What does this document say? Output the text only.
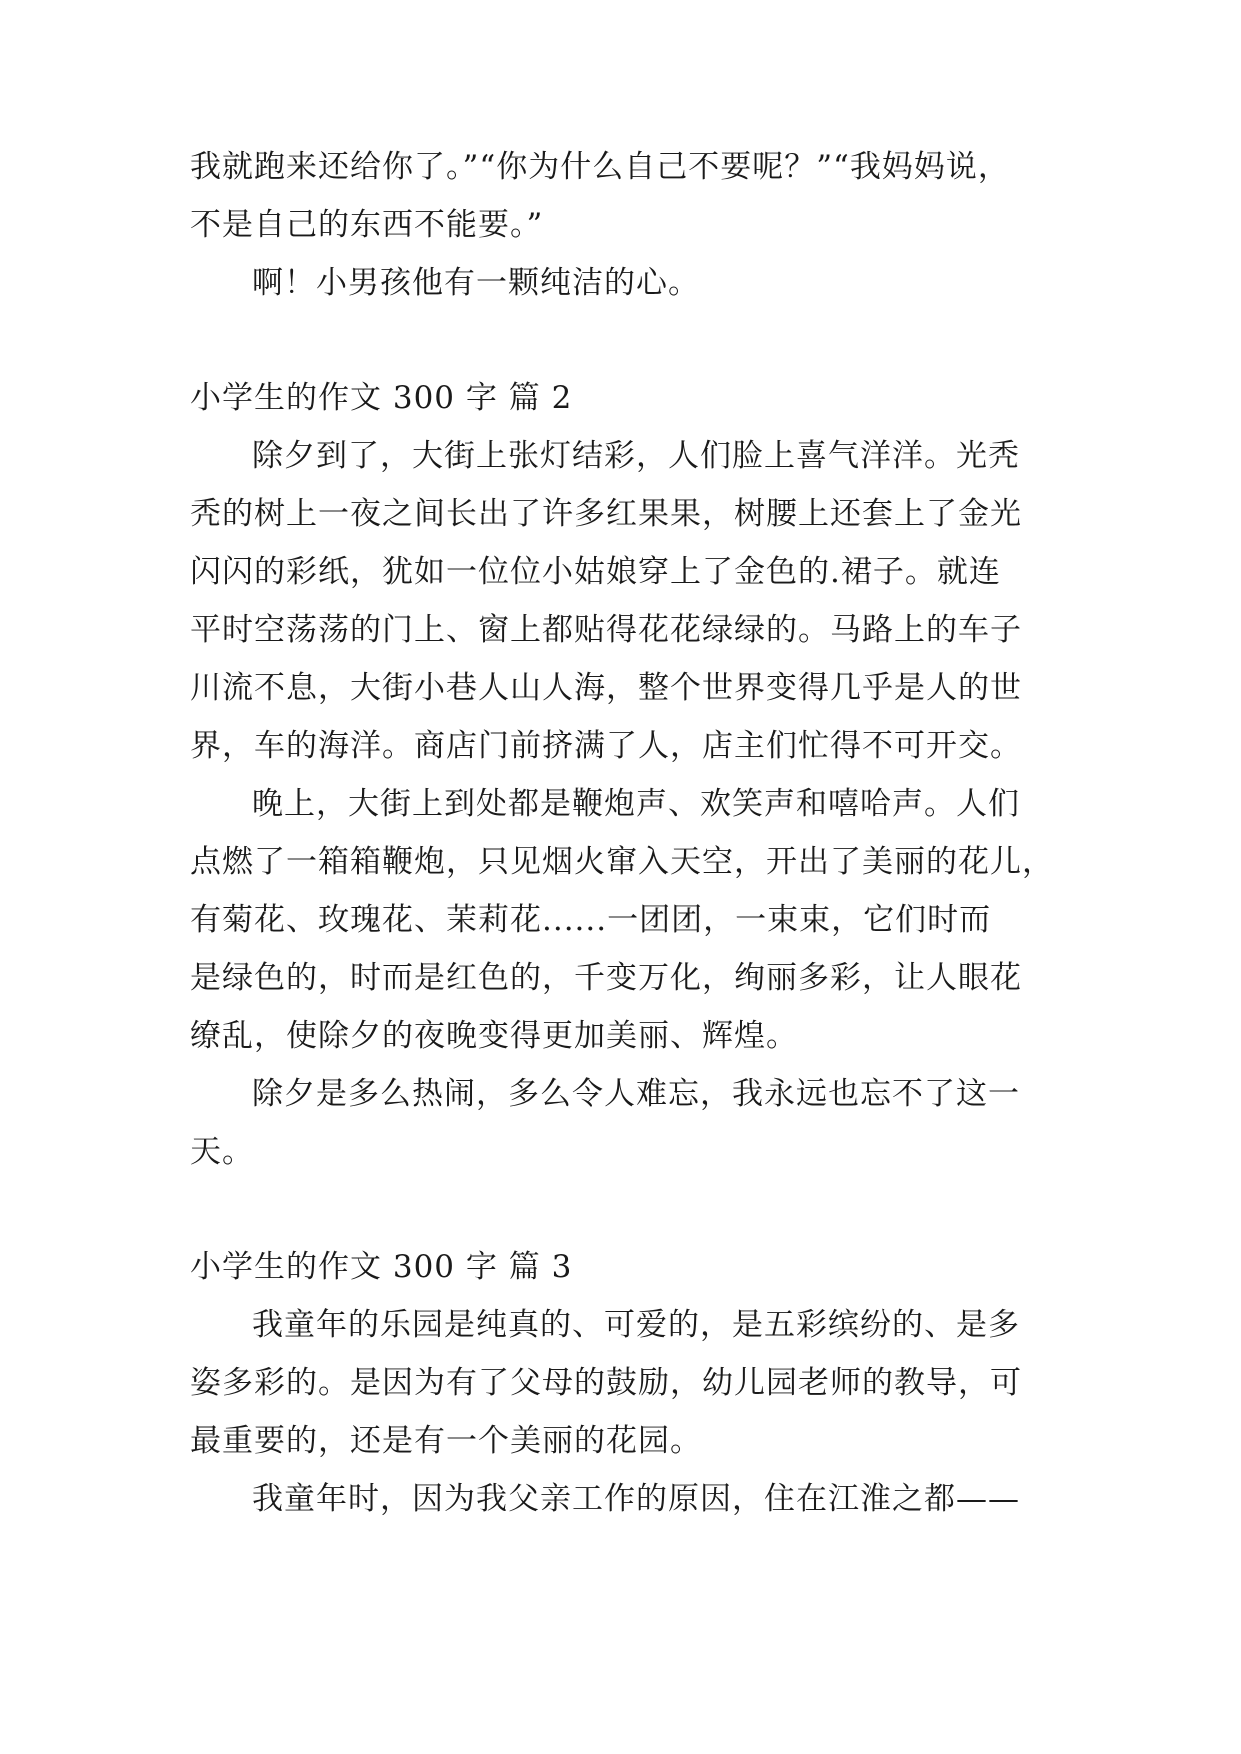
我就跑来还给你了。”“你为什么自己不要呢？”“我妈妈说，
不是自己的东西不能要。”
啊！小男孩他有一颗纯洁的心。
小学生的作文 300 字 篇 2
除夕到了，大街上张灯结彩，人们脸上喜气洋洋。光秃
秃的树上一夜之间长出了许多红果果，树腰上还套上了金光
闪闪的彩纸，犹如一位位小姑娘穿上了金色的.裙子。就连
平时空荡荡的门上、窗上都贴得花花绿绿的。马路上的车子
川流不息，大街小巷人山人海，整个世界变得几乎是人的世
界，车的海洋。商店门前挤满了人，店主们忙得不可开交。
晚上，大街上到处都是鞭炮声、欢笑声和嘻哈声。人们
点燃了一箱箱鞭炮，只见烟火窜入天空，开出了美丽的花儿，
有菊花、玫瑰花、茉莉花......一团团，一束束，它们时而
是绿色的，时而是红色的，千变万化，绚丽多彩，让人眼花
缭乱，使除夕的夜晚变得更加美丽、辉煌。
除夕是多么热闹，多么令人难忘，我永远也忘不了这一
天。
小学生的作文 300 字 篇 3
我童年的乐园是纯真的、可爱的，是五彩缤纷的、是多
姿多彩的。是因为有了父母的鼓励，幼儿园老师的教导，可
最重要的，还是有一个美丽的花园。
我童年时，因为我父亲工作的原因，住在江淮之都——
